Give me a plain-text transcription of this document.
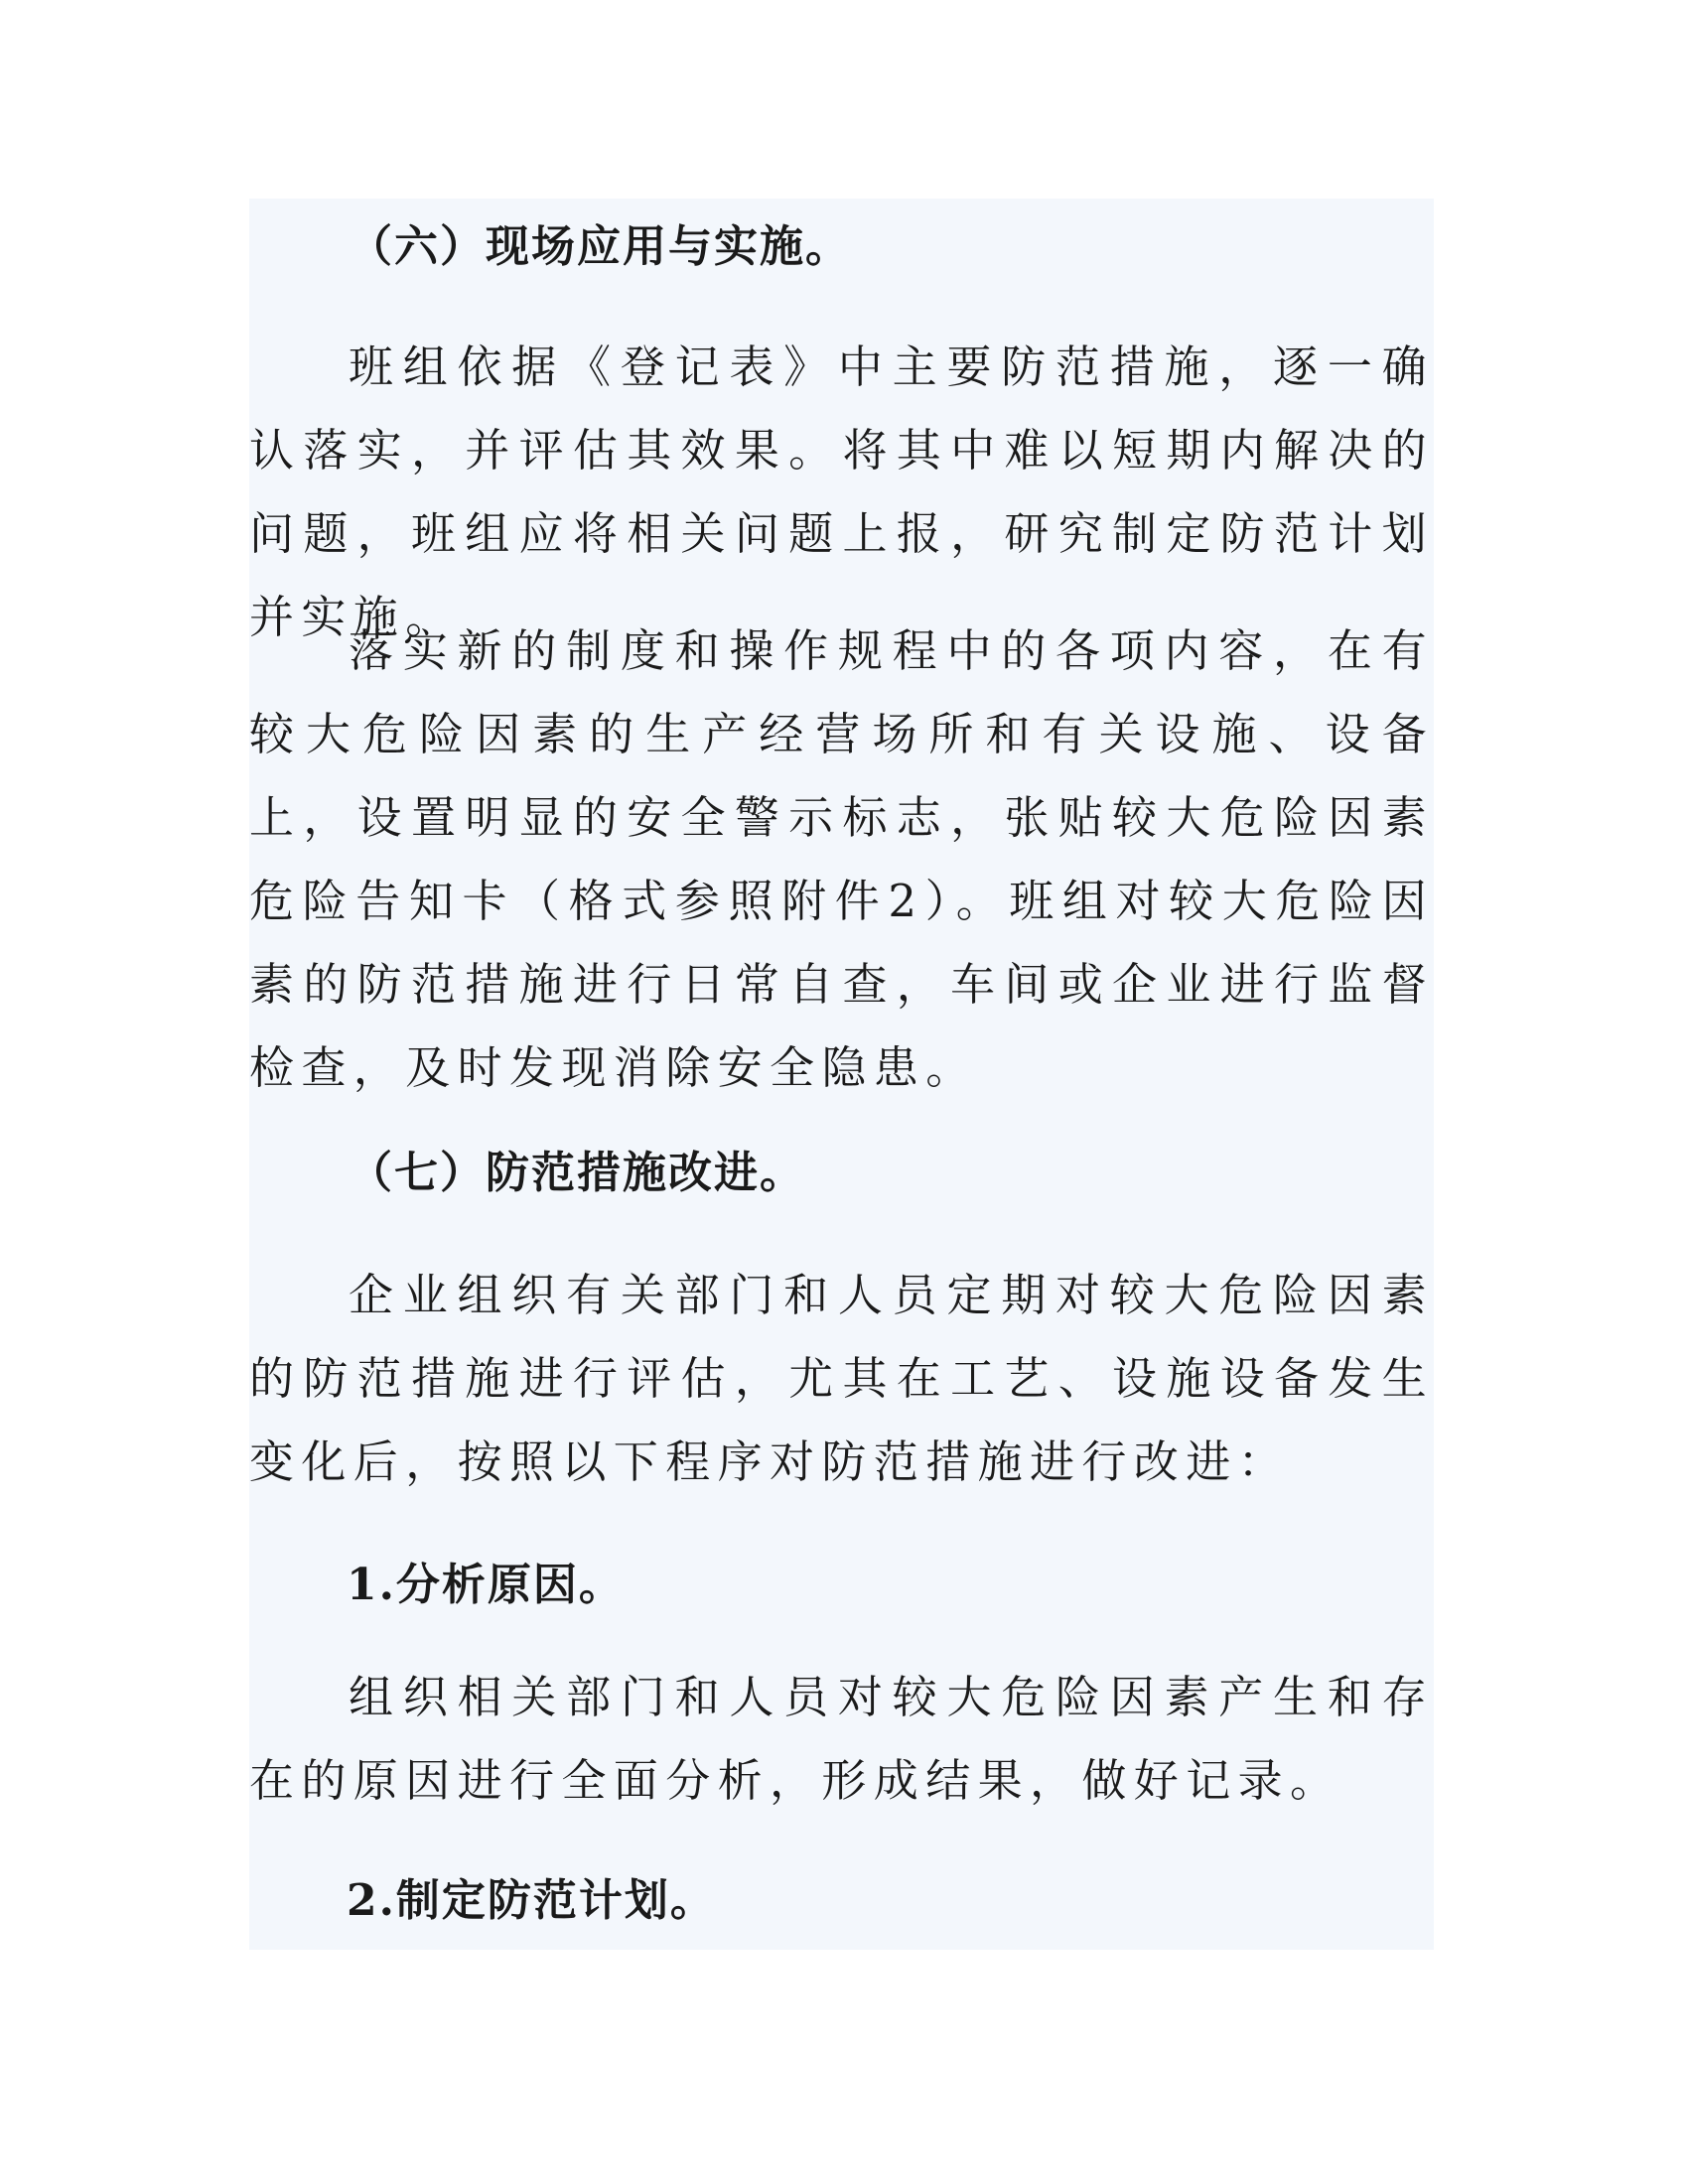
（六）现场应用与实施。

班组依据《登记表》中主要防范措施，逐一确认落实，并评估其效果。将其中难以短期内解决的问题，班组应将相关问题上报，研究制定防范计划并实施。

落实新的制度和操作规程中的各项内容，在有较大危险因素的生产经营场所和有关设施、设备上，设置明显的安全警示标志，张贴较大危险因素危险告知卡（格式参照附件2）。班组对较大危险因素的防范措施进行日常自查，车间或企业进行监督检查，及时发现消除安全隐患。

（七）防范措施改进。

企业组织有关部门和人员定期对较大危险因素的防范措施进行评估，尤其在工艺、设施设备发生变化后，按照以下程序对防范措施进行改进：

1.分析原因。

组织相关部门和人员对较大危险因素产生和存在的原因进行全面分析，形成结果，做好记录。

2.制定防范计划。
